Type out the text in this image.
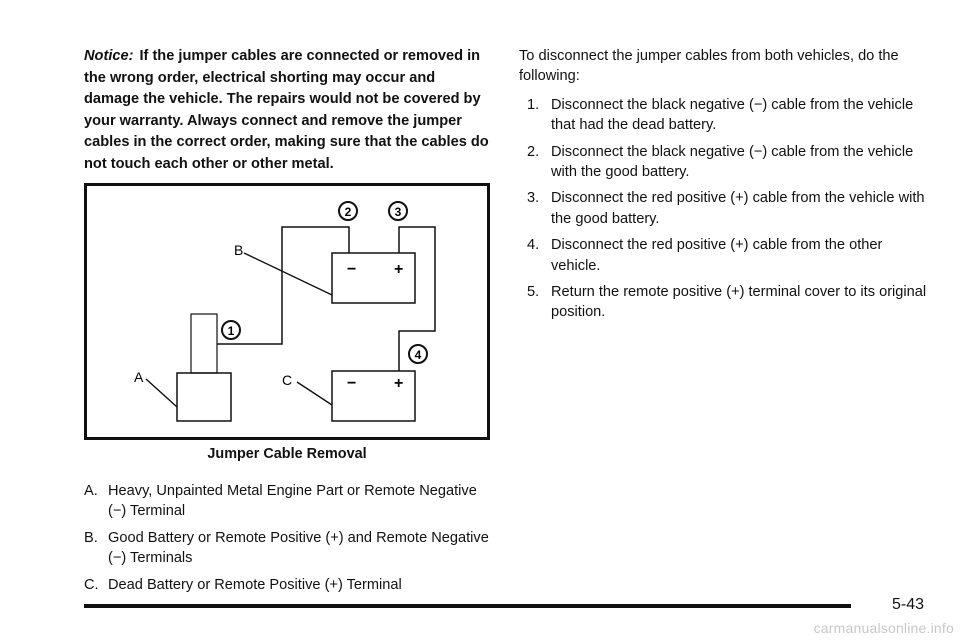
Notice: If the jumper cables are connected or removed in the wrong order, electrical shorting may occur and damage the vehicle. The repairs would not be covered by your warranty. Always connect and remove the jumper cables in the correct order, making sure that the cables do not touch each other or other metal.

B
A	C
− +
− +
1
2	3
4
Jumper Cable Removal
A. Heavy, Unpainted Metal Engine Part or Remote Negative (−) Terminal
B. Good Battery or Remote Positive (+) and Remote Negative (−) Terminals
C. Dead Battery or Remote Positive (+) Terminal

To disconnect the jumper cables from both vehicles, do the following:

1. Disconnect the black negative (−) cable from the vehicle that had the dead battery.
2. Disconnect the black negative (−) cable from the vehicle with the good battery.
3. Disconnect the red positive (+) cable from the vehicle with the good battery.
4. Disconnect the red positive (+) cable from the other vehicle.
5. Return the remote positive (+) terminal cover to its original position.
5-43
carmanualsonline.info
